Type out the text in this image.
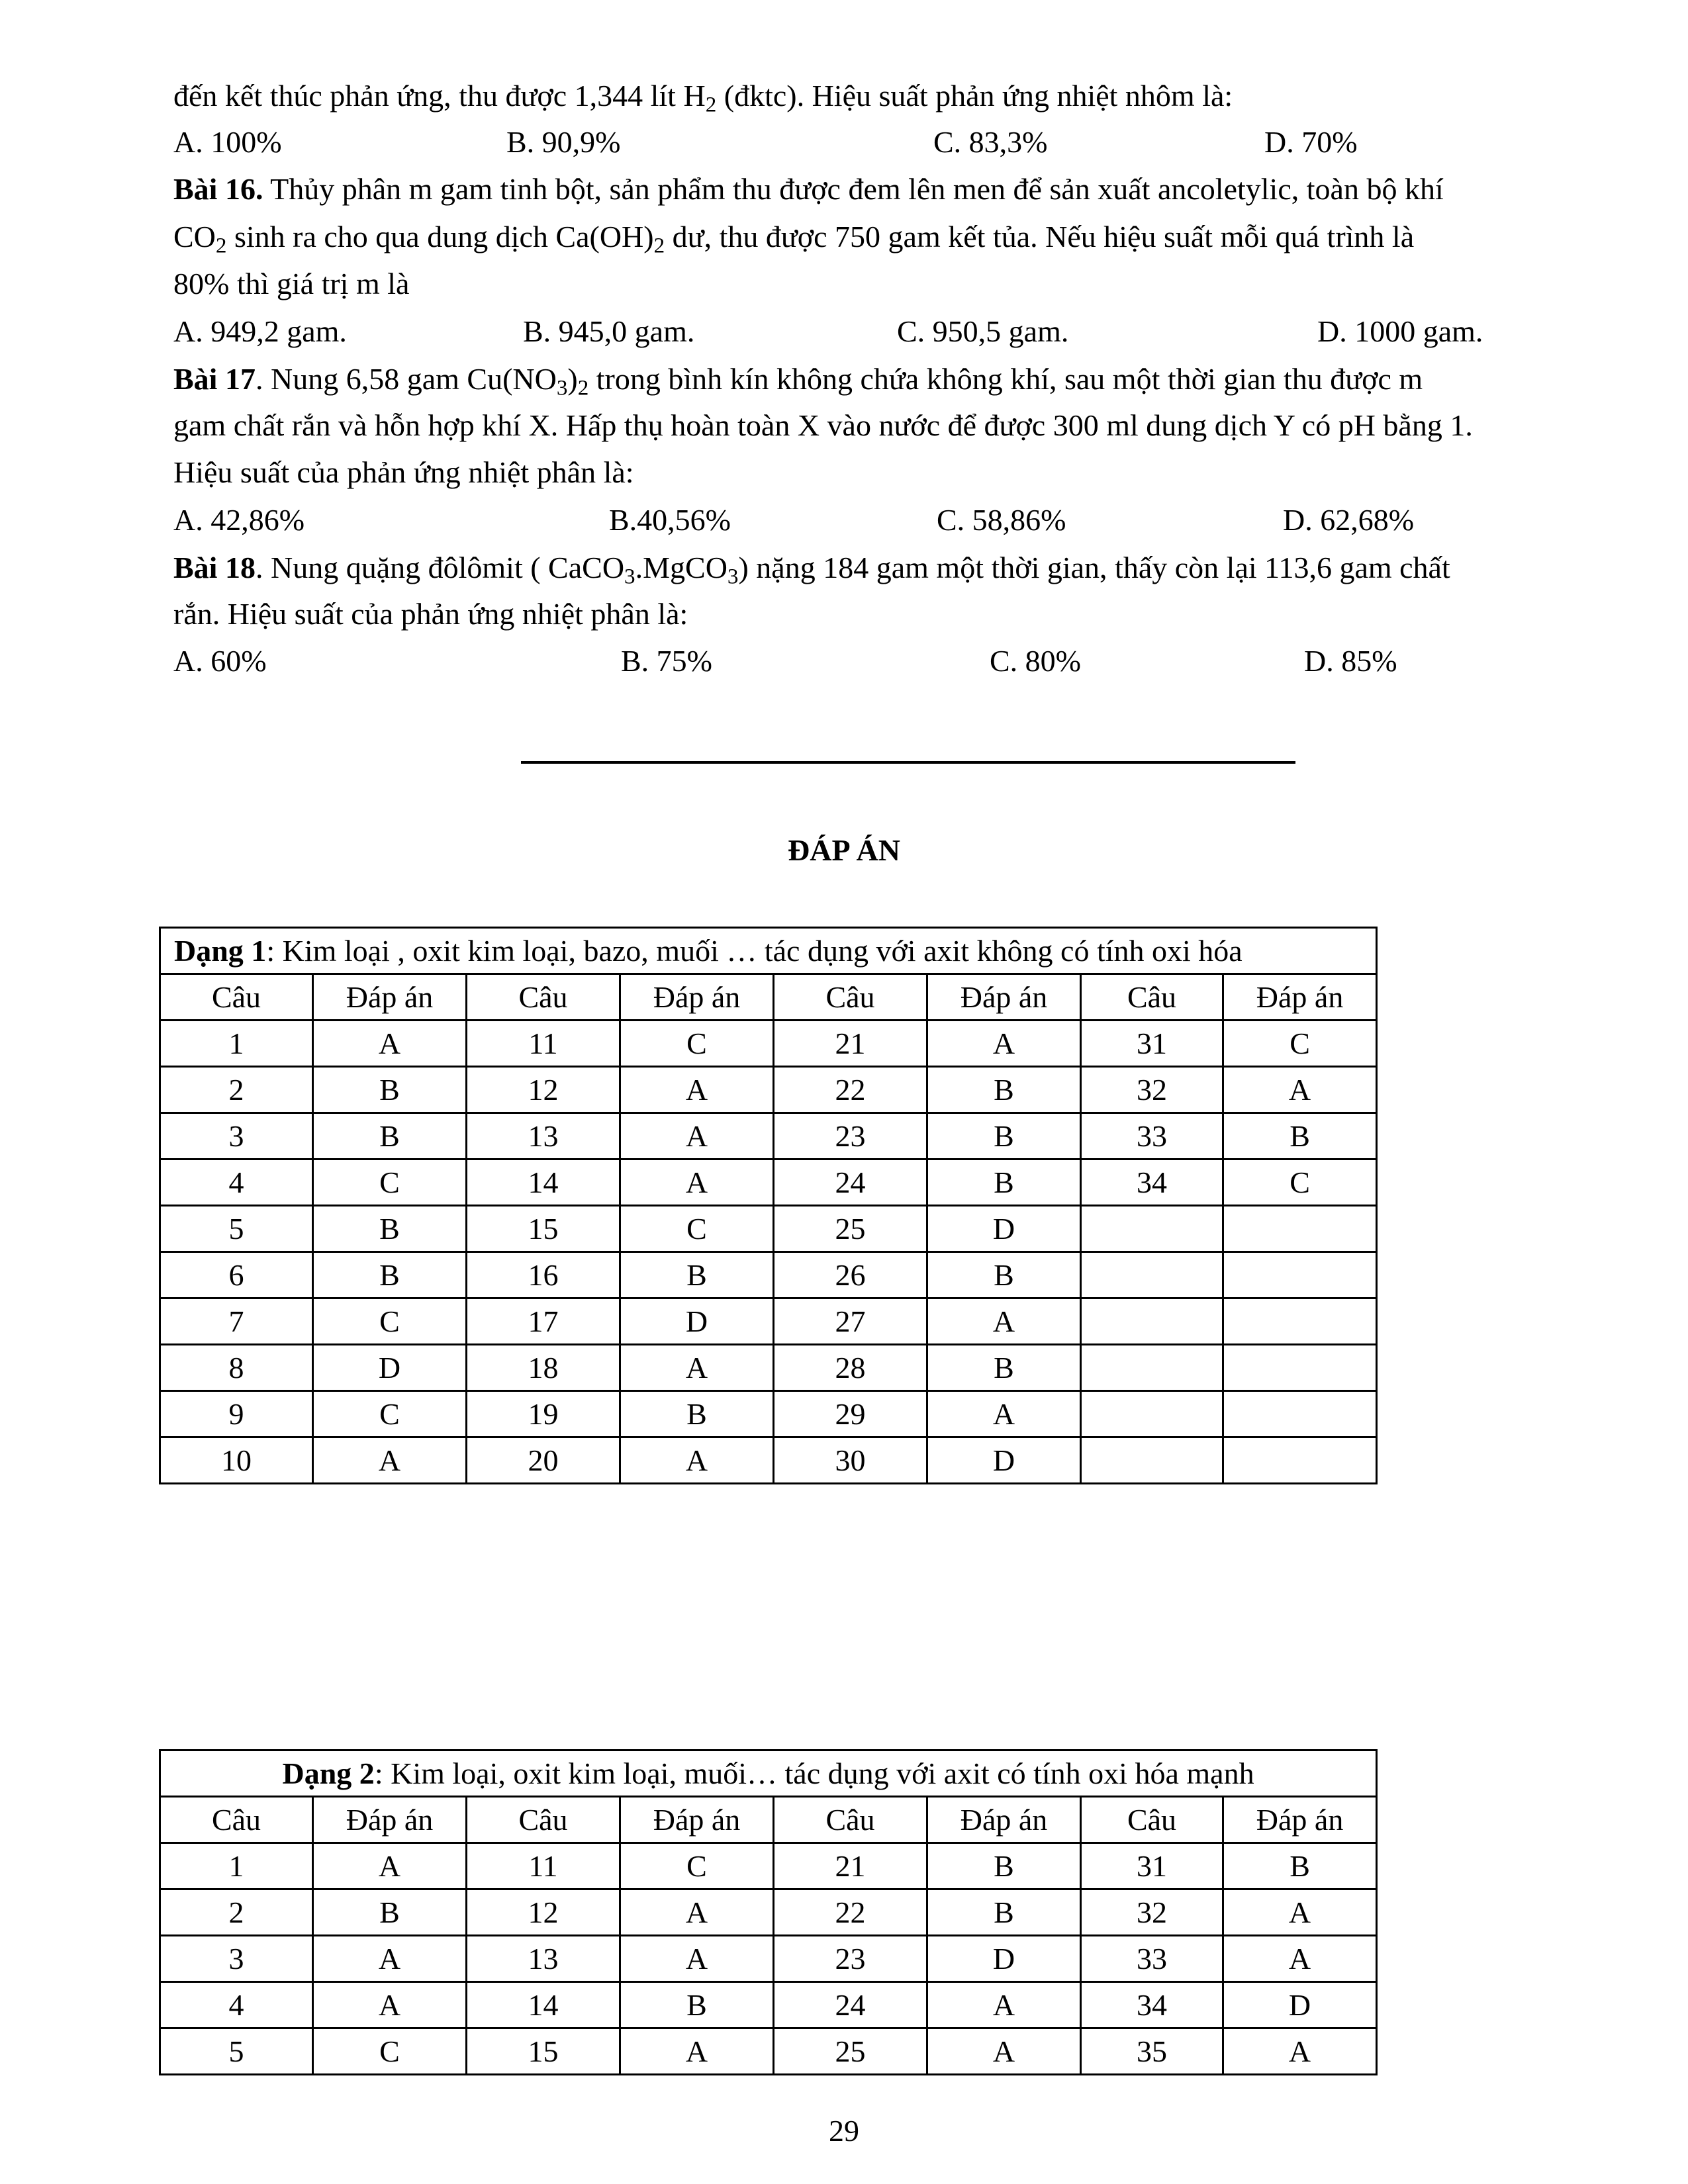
đến kết thúc phản ứng, thu được 1,344 lít $H_2$ (đktc). Hiệu suất phản ứng nhiệt nhôm là:
A. 100%	B. 90,9%	C. 83,3%	D. 70%
Bài 16. Thủy phân m gam tinh bột, sản phẩm thu được đem lên men để sản xuất ancoletylic, toàn bộ khí
$CO_2$ sinh ra cho qua dung dịch $Ca(OH)_2$ dư, thu được 750 gam kết tủa. Nếu hiệu suất mỗi quá trình là
80% thì giá trị m là
A. 949,2 gam.	B. 945,0 gam.	C. 950,5 gam.	D. 1000 gam.
Bài 17. Nung 6,58 gam $Cu(NO_3)_2$ trong bình kín không chứa không khí, sau một thời gian thu được m
gam chất rắn và hỗn hợp khí X. Hấp thụ hoàn toàn X vào nước để được 300 ml dung dịch Y có pH bằng 1.
Hiệu suất của phản ứng nhiệt phân là:
A. 42,86%	B.40,56%	C. 58,86%	D. 62,68%
Bài 18. Nung quặng đôlômit ( CaCO$_3$.MgCO$_3$) nặng 184 gam một thời gian, thấy còn lại 113,6 gam chất
rắn. Hiệu suất của phản ứng nhiệt phân là:
A. 60%	B. 75%	C. 80%	D. 85%
ĐÁP ÁN
Dạng 1: Kim loại , oxit kim loại, bazo, muối … tác dụng với axit không có tính oxi hóa							
Câu	Đáp án	Câu	Đáp án	Câu	Đáp án	Câu	Đáp án
1	A	11	C	21	A	31	C
2	B	12	A	22	B	32	A
3	B	13	A	23	B	33	B
4	C	14	A	24	B	34	C
5	B	15	C	25	D		
6	B	16	B	26	B		
7	C	17	D	27	A		
8	D	18	A	28	B		
9	C	19	B	29	A		
10	A	20	A	30	D		
Dạng 2: Kim loại, oxit kim loại, muối… tác dụng với axit có tính oxi hóa mạnh							
Câu	Đáp án	Câu	Đáp án	Câu	Đáp án	Câu	Đáp án
1	A	11	C	21	B	31	B
2	B	12	A	22	B	32	A
3	A	13	A	23	D	33	A
4	A	14	B	24	A	34	D
5	C	15	A	25	A	35	A
29
